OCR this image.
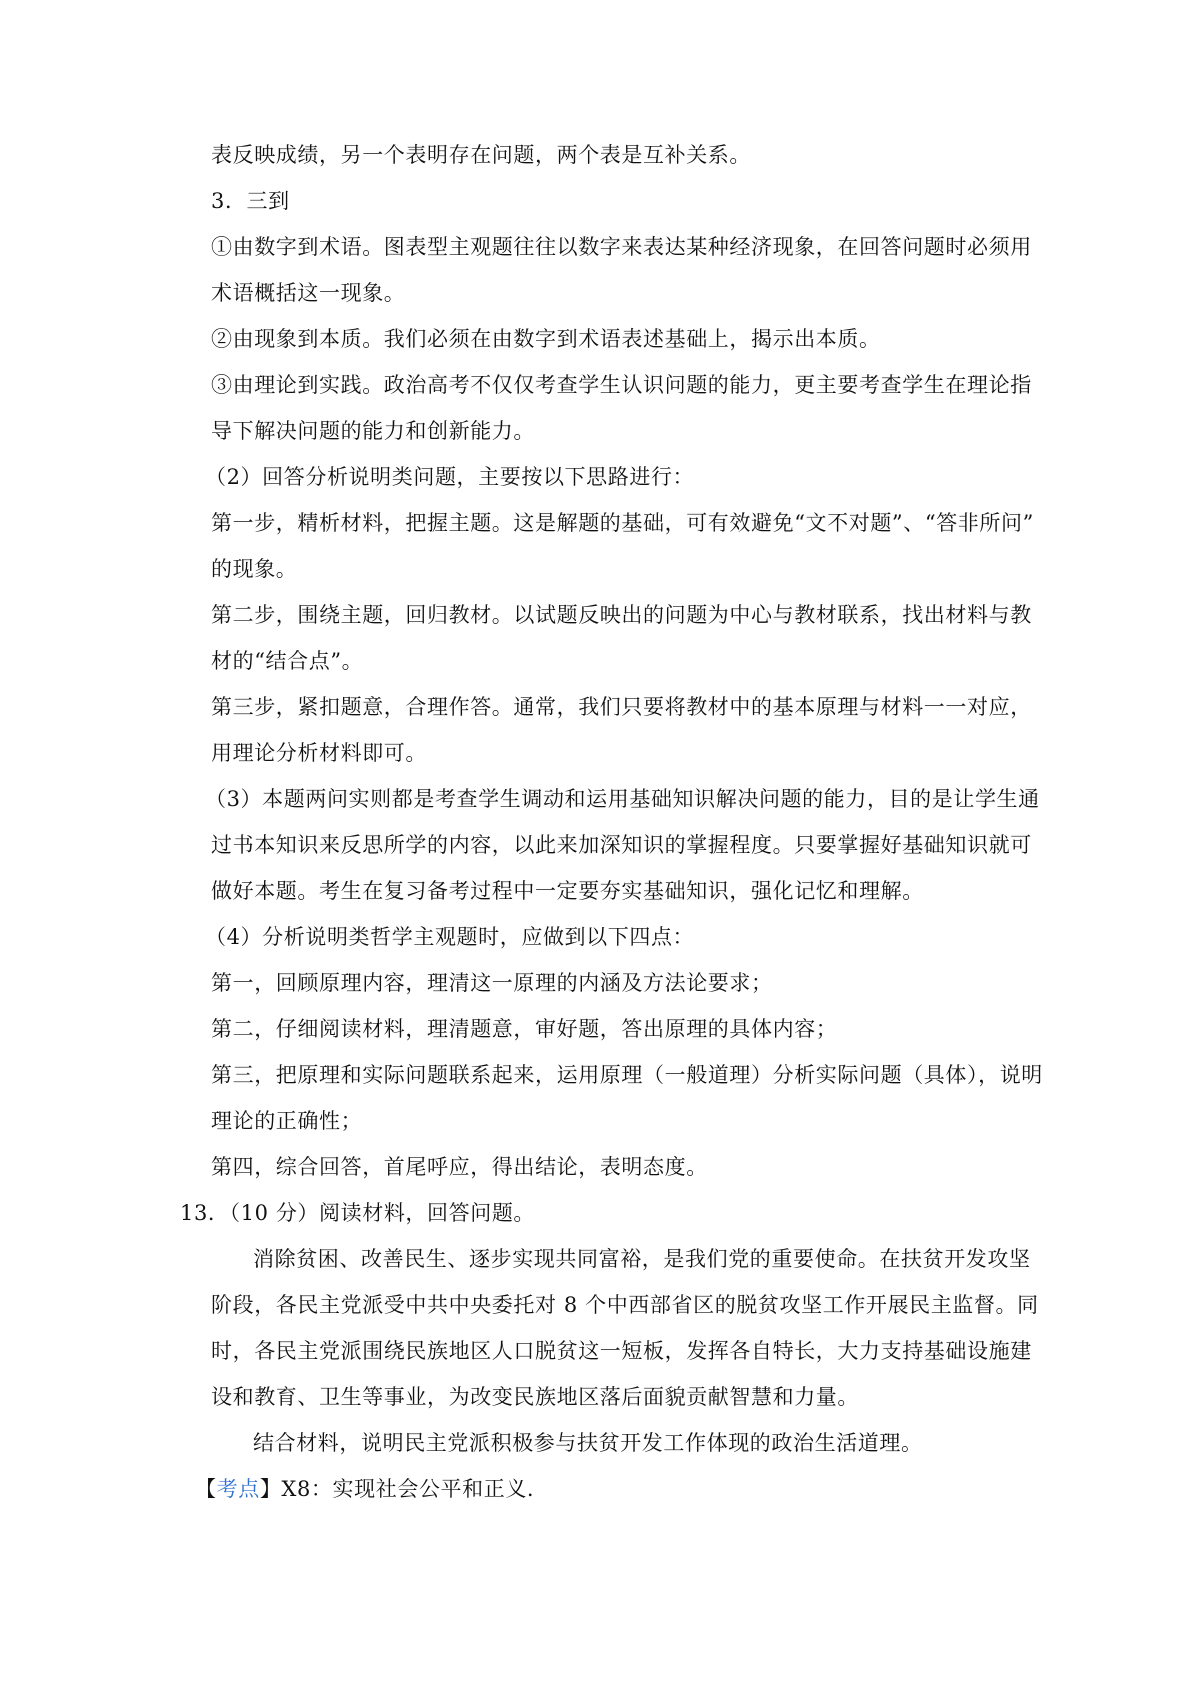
表反映成绩，另一个表明存在问题，两个表是互补关系。
3．三到
①由数字到术语。图表型主观题往往以数字来表达某种经济现象，在回答问题时必须用
术语概括这一现象。
②由现象到本质。我们必须在由数字到术语表述基础上，揭示出本质。
③由理论到实践。政治高考不仅仅考查学生认识问题的能力，更主要考查学生在理论指
导下解决问题的能力和创新能力。
（2）回答分析说明类问题，主要按以下思路进行：
第一步，精析材料，把握主题。这是解题的基础，可有效避免“文不对题”、“答非所问”
的现象。
第二步，围绕主题，回归教材。以试题反映出的问题为中心与教材联系，找出材料与教
材的“结合点”。
第三步，紧扣题意，合理作答。通常，我们只要将教材中的基本原理与材料一一对应，
用理论分析材料即可。
（3）本题两问实则都是考查学生调动和运用基础知识解决问题的能力，目的是让学生通
过书本知识来反思所学的内容，以此来加深知识的掌握程度。只要掌握好基础知识就可
做好本题。考生在复习备考过程中一定要夯实基础知识，强化记忆和理解。
（4）分析说明类哲学主观题时，应做到以下四点：
第一，回顾原理内容，理清这一原理的内涵及方法论要求；
第二，仔细阅读材料，理清题意，审好题，答出原理的具体内容；
第三，把原理和实际问题联系起来，运用原理（一般道理）分析实际问题（具体），说明
理论的正确性；
第四，综合回答，首尾呼应，得出结论，表明态度。
13．（10 分）阅读材料，回答问题。
消除贫困、改善民生、逐步实现共同富裕，是我们党的重要使命。在扶贫开发攻坚
阶段，各民主党派受中共中央委托对 8 个中西部省区的脱贫攻坚工作开展民主监督。同
时，各民主党派围绕民族地区人口脱贫这一短板，发挥各自特长，大力支持基础设施建
设和教育、卫生等事业，为改变民族地区落后面貌贡献智慧和力量。
结合材料，说明民主党派积极参与扶贫开发工作体现的政治生活道理。
【考点】X8：实现社会公平和正义.
